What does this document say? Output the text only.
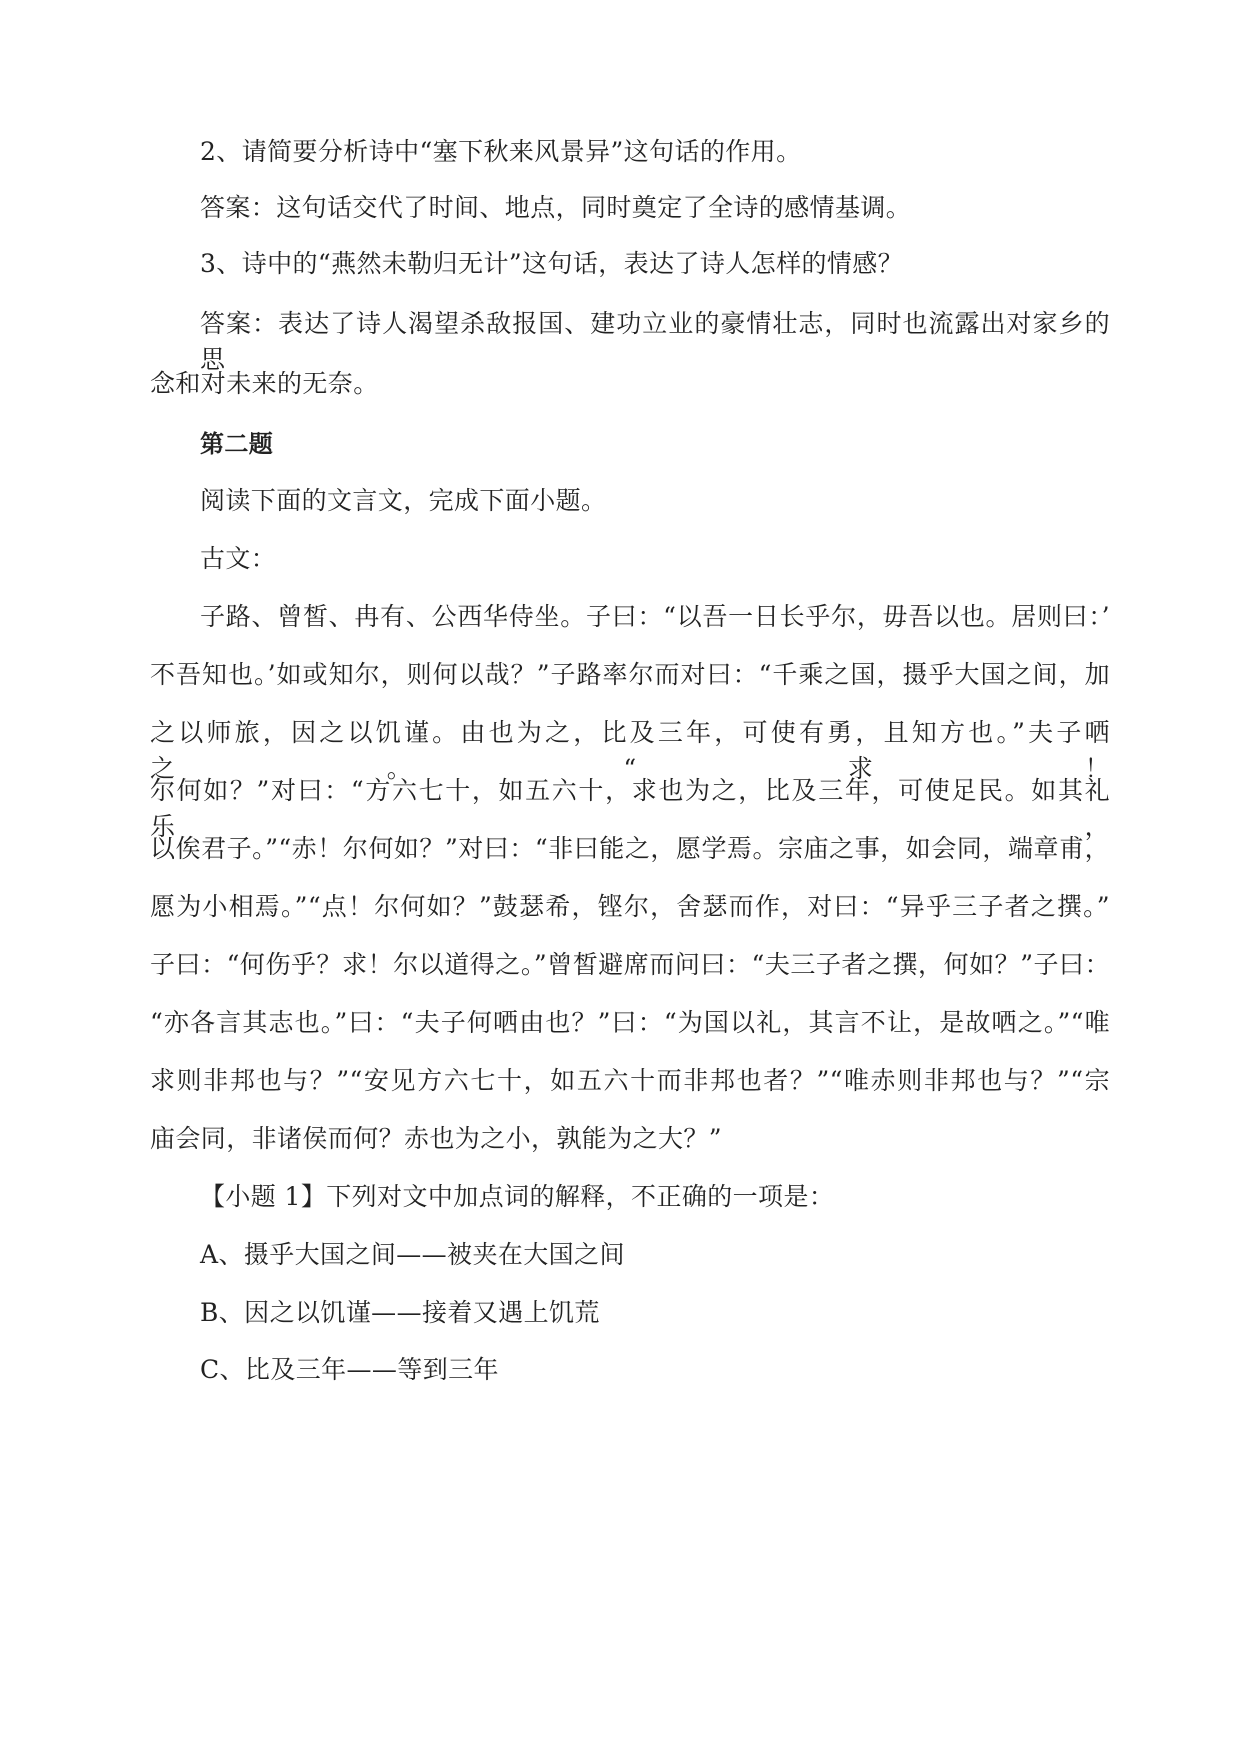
2、请简要分析诗中“塞下秋来风景异”这句话的作用。
答案：这句话交代了时间、地点，同时奠定了全诗的感情基调。
3、诗中的“燕然未勒归无计”这句话，表达了诗人怎样的情感？
答案：表达了诗人渴望杀敌报国、建功立业的豪情壮志，同时也流露出对家乡的思
念和对未来的无奈。
第二题
阅读下面的文言文，完成下面小题。
古文：
子路、曾皙、冉有、公西华侍坐。子曰：“以吾一日长乎尔，毋吾以也。居则曰：’
不吾知也。’如或知尔，则何以哉？”子路率尔而对曰：“千乘之国，摄乎大国之间，加
之以师旅，因之以饥谨。由也为之，比及三年，可使有勇，且知方也。”夫子哂之。“求！
尔何如？”对曰：“方六七十，如五六十，求也为之，比及三年，可使足民。如其礼乐，
以俟君子。”“赤！尔何如？”对曰：“非曰能之，愿学焉。宗庙之事，如会同，端章甫，
愿为小相焉。”“点！尔何如？”鼓瑟希，铿尔，舍瑟而作，对曰：“异乎三子者之撰。”
子曰：“何伤乎？求！尔以道得之。”曾皙避席而问曰：“夫三子者之撰，何如？”子曰：
“亦各言其志也。”曰：“夫子何哂由也？”曰：“为国以礼，其言不让，是故哂之。”“唯
求则非邦也与？”“安见方六七十，如五六十而非邦也者？”“唯赤则非邦也与？”“宗
庙会同，非诸侯而何？赤也为之小，孰能为之大？”
【小题 1】下列对文中加点词的解释，不正确的一项是：
A、摄乎大国之间——被夹在大国之间
B、因之以饥谨——接着又遇上饥荒
C、比及三年——等到三年
